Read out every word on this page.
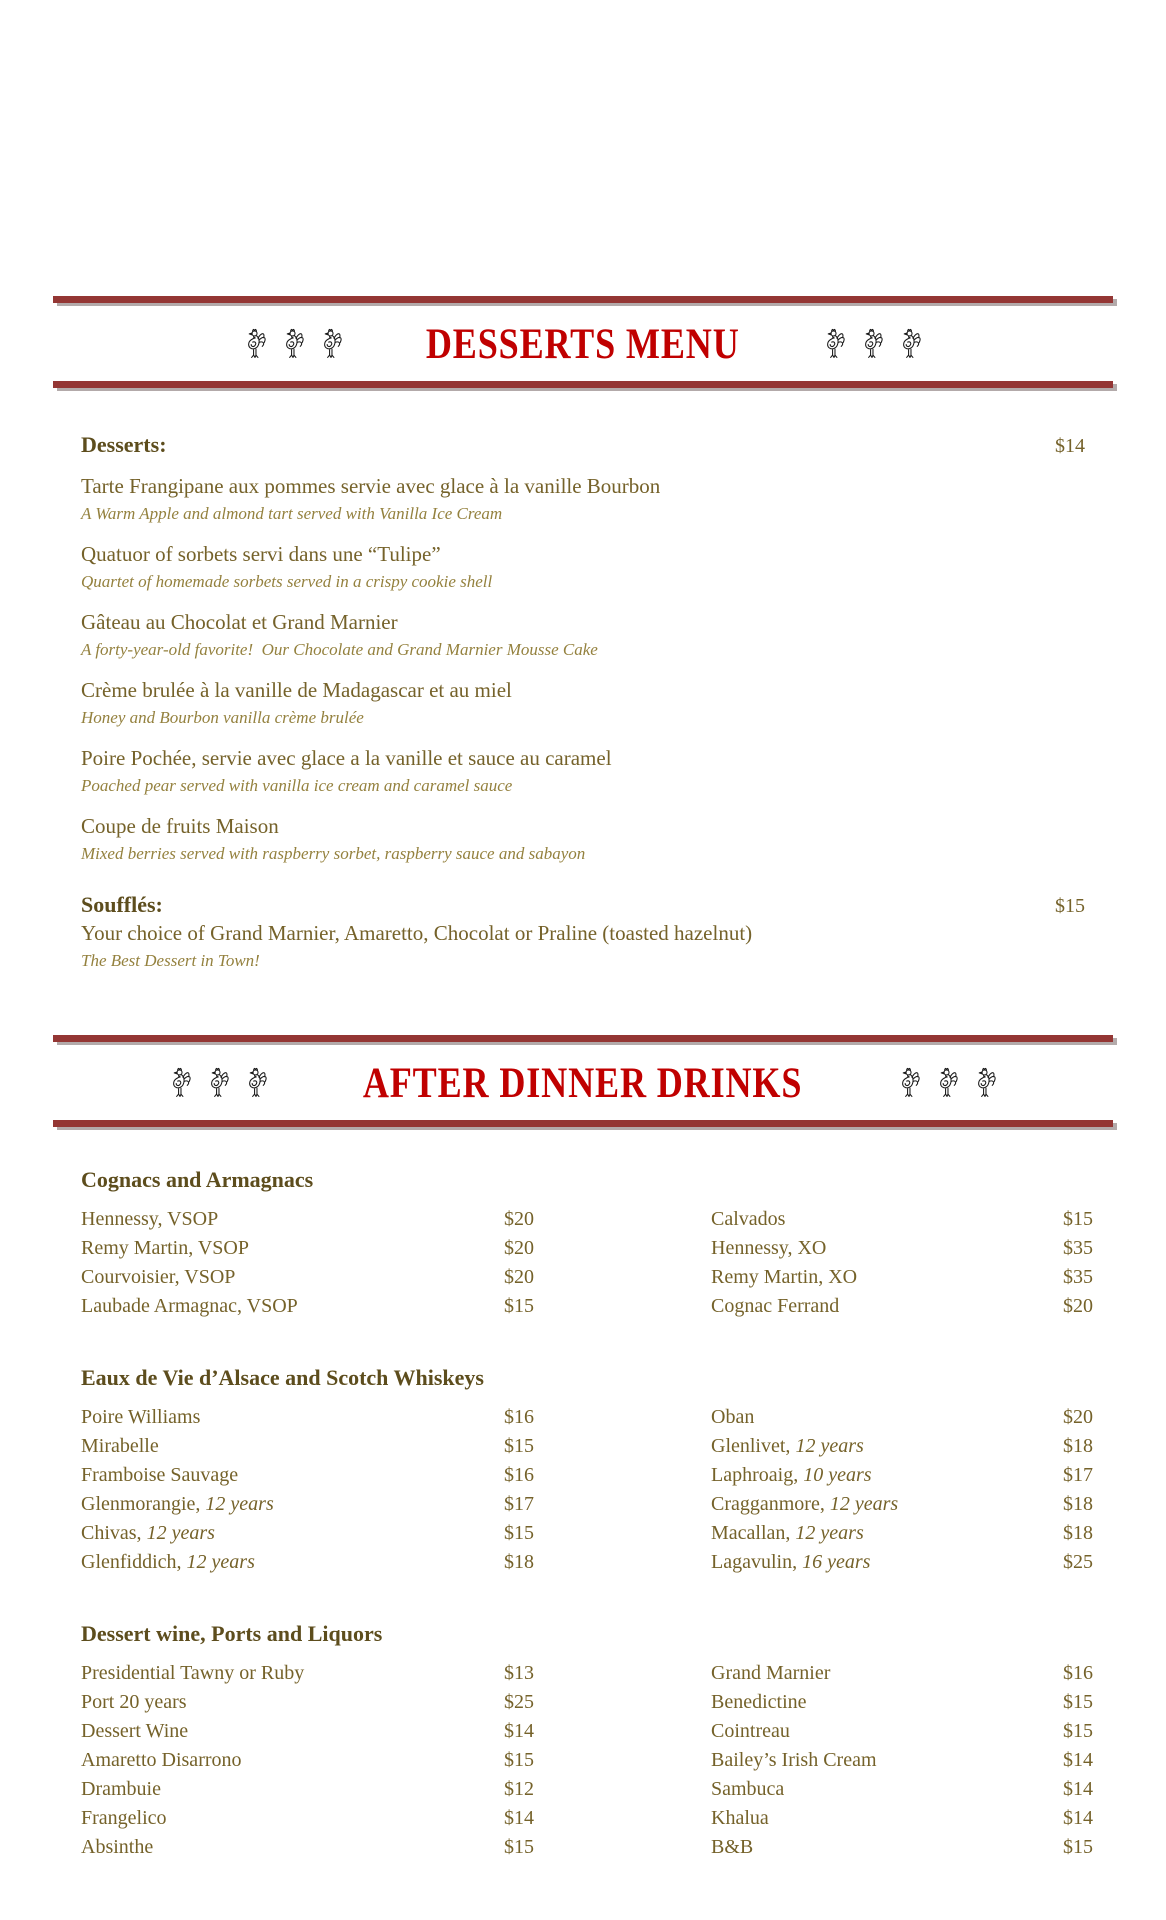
DESSERTS MENU
Desserts:	$14
Tarte Frangipane aux pommes servie avec glace à la vanille Bourbon
A Warm Apple and almond tart served with Vanilla Ice Cream
Quatuor of sorbets servi dans une “Tulipe”
Quartet of homemade sorbets served in a crispy cookie shell
Gâteau au Chocolat et Grand Marnier
A forty-year-old favorite!  Our Chocolate and Grand Marnier Mousse Cake
Crème brulée à la vanille de Madagascar et au miel
Honey and Bourbon vanilla crème brulée
Poire Pochée, servie avec glace a la vanille et sauce au caramel
Poached pear served with vanilla ice cream and caramel sauce
Coupe de fruits Maison
Mixed berries served with raspberry sorbet, raspberry sauce and sabayon
Soufflés:	$15
Your choice of Grand Marnier, Amaretto, Chocolat or Praline (toasted hazelnut)
The Best Dessert in Town!
AFTER DINNER DRINKS
Cognacs and Armagnacs
Hennessy, VSOP	$20	Calvados	$15
Remy Martin, VSOP	$20	Hennessy, XO	$35
Courvoisier, VSOP	$20	Remy Martin, XO	$35
Laubade Armagnac, VSOP	$15	Cognac Ferrand	$20
Eaux de Vie d’Alsace and Scotch Whiskeys
Poire Williams	$16	Oban	$20
Mirabelle	$15	Glenlivet, 12 years	$18
Framboise Sauvage	$16	Laphroaig, 10 years	$17
Glenmorangie, 12 years	$17	Cragganmore, 12 years	$18
Chivas, 12 years	$15	Macallan, 12 years	$18
Glenfiddich, 12 years	$18	Lagavulin, 16 years	$25
Dessert wine, Ports and Liquors
Presidential Tawny or Ruby	$13	Grand Marnier	$16
Port 20 years	$25	Benedictine	$15
Dessert Wine	$14	Cointreau	$15
Amaretto Disarrono	$15	Bailey’s Irish Cream	$14
Drambuie	$12	Sambuca	$14
Frangelico	$14	Khalua	$14
Absinthe	$15	B&B	$15
